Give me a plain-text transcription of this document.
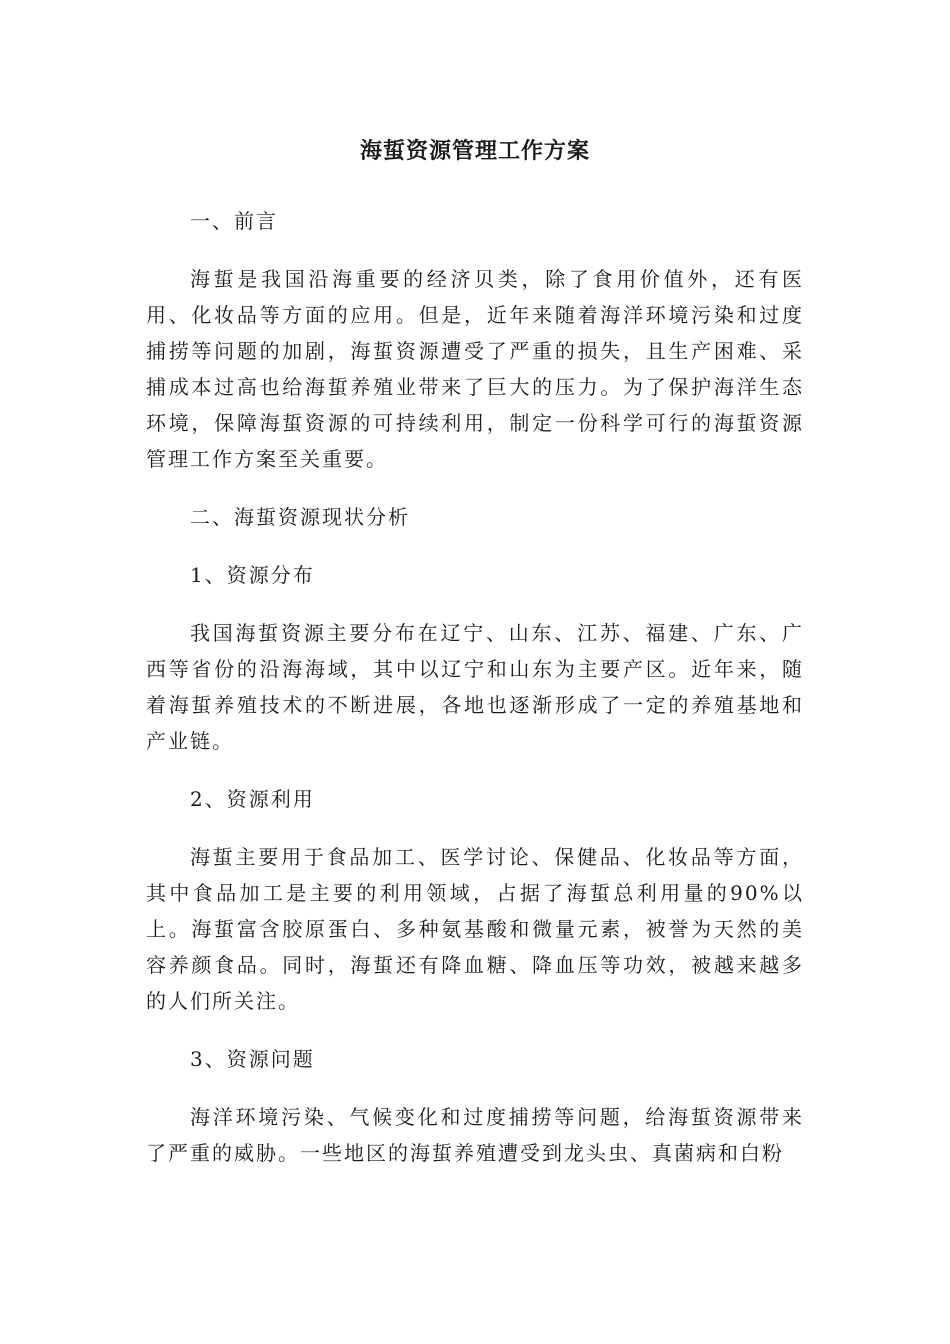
海蜇资源管理工作方案

一、前言

海蜇是我国沿海重要的经济贝类，除了食用价值外，还有医用、化妆品等方面的应用。但是，近年来随着海洋环境污染和过度捕捞等问题的加剧，海蜇资源遭受了严重的损失，且生产困难、采捕成本过高也给海蜇养殖业带来了巨大的压力。为了保护海洋生态环境，保障海蜇资源的可持续利用，制定一份科学可行的海蜇资源管理工作方案至关重要。

二、海蜇资源现状分析

1、资源分布

我国海蜇资源主要分布在辽宁、山东、江苏、福建、广东、广西等省份的沿海海域，其中以辽宁和山东为主要产区。近年来，随着海蜇养殖技术的不断进展，各地也逐渐形成了一定的养殖基地和产业链。

2、资源利用

海蜇主要用于食品加工、医学讨论、保健品、化妆品等方面，其中食品加工是主要的利用领域，占据了海蜇总利用量的90%以上。海蜇富含胶原蛋白、多种氨基酸和微量元素，被誉为天然的美容养颜食品。同时，海蜇还有降血糖、降血压等功效，被越来越多的人们所关注。

3、资源问题

海洋环境污染、气候变化和过度捕捞等问题，给海蜇资源带来了严重的威胁。一些地区的海蜇养殖遭受到龙头虫、真菌病和白粉
